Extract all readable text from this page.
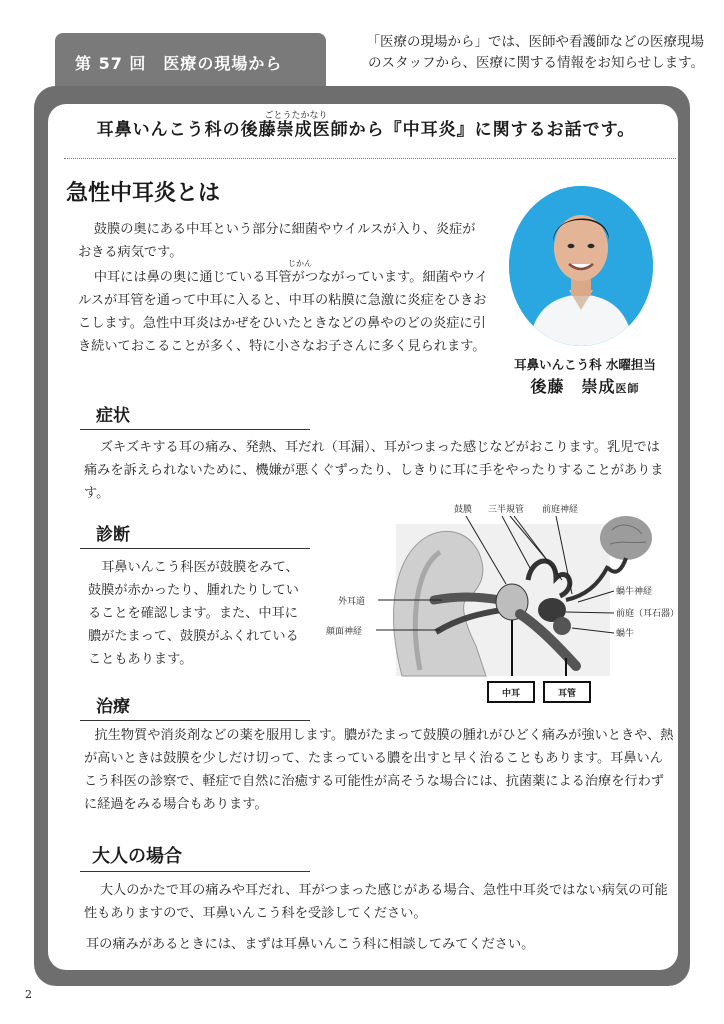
第 57 回　医療の現場から
「医療の現場から」では、医師や看護師などの医療現場
のスタッフから、医療に関する情報をお知らせします。
ごとうたかなり
耳鼻いんこう科の後藤崇成医師から『中耳炎』に関するお話です。
急性中耳炎とは
鼓膜の奥にある中耳という部分に細菌やウイルスが入り、炎症がおきる病気です。
じかん
中耳には鼻の奥に通じている耳管がつながっています。細菌やウイルスが耳管を通って中耳に入ると、中耳の粘膜に急激に炎症をひきおこします。急性中耳炎はかぜをひいたときなどの鼻やのどの炎症に引き続いておこることが多く、特に小さなお子さんに多く見られます。
耳鼻いんこう科 水曜担当
後藤　崇成医師
症状
ズキズキする耳の痛み、発熱、耳だれ（耳漏）、耳がつまった感じなどがおこります。乳児では痛みを訴えられないために、機嫌が悪くぐずったり、しきりに耳に手をやったりすることがあります。
診断
耳鼻いんこう科医が鼓膜をみて、鼓膜が赤かったり、腫れたりしていることを確認します。また、中耳に膿がたまって、鼓膜がふくれていることもあります。
鼓膜 三半規管 前庭神経
蝸牛神経
前庭（耳石器）
蝸牛
外耳道
顔面神経
中耳	耳管
治療
抗生物質や消炎剤などの薬を服用します。膿がたまって鼓膜の腫れがひどく痛みが強いときや、熱が高いときは鼓膜を少しだけ切って、たまっている膿を出すと早く治ることもあります。耳鼻いんこう科医の診察で、軽症で自然に治癒する可能性が高そうな場合には、抗菌薬による治療を行わずに経過をみる場合もあります。
大人の場合
大人のかたで耳の痛みや耳だれ、耳がつまった感じがある場合、急性中耳炎ではない病気の可能性もありますので、耳鼻いんこう科を受診してください。
耳の痛みがあるときには、まずは耳鼻いんこう科に相談してみてください。
2
